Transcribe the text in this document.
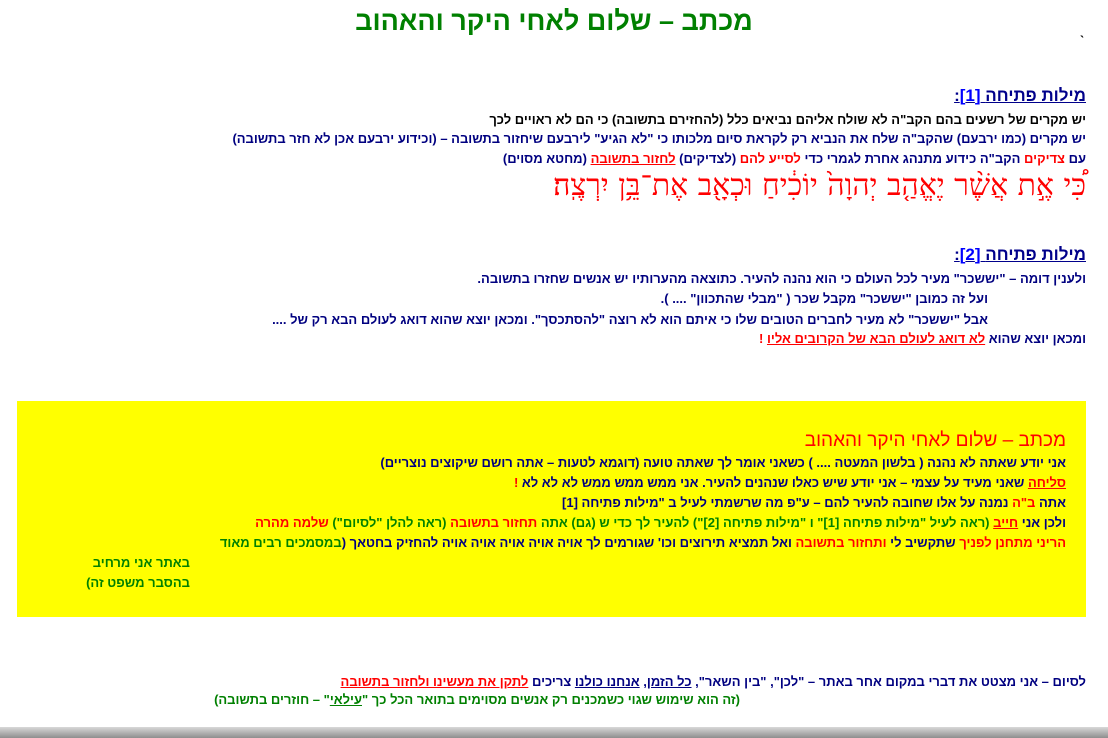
מכתב – שלום לאחי היקר והאהוב	ˎ
מילות פתיחה [1]:
יש מקרים של רשעים בהם הקב"ה לא שולח אליהם נביאים כלל (להחזירם בתשובה) כי הם לא ראויים לכך
יש מקרים (כמו ירבעם) שהקב"ה שלח את הנביא רק לקראת סיום מלכותו כי "לא הגיע" לירבעם שיחזור בתשובה – (וכידוע ירבעם אכן לא חזר בתשובה)
עם צדיקים הקב"ה כידוע מתנהג אחרת לגמרי כדי לסייע להם (לצדיקים) לחזור בתשובה (מחטא מסוים)
כִּ֠י אֶ֣ת אֲשֶׁ֨ר יֶאֱהַ֤ב יְהוָה֙ יוֹכִ֔יחַ וּכְאָ֖ב אֶת־בֵּ֥ן יִרְצֶֽה׃
מילות פתיחה [2]:
ולענין דומה – "יששכר" מעיר לכל העולם כי הוא נהנה להעיר. כתוצאה מהערותיו יש אנשים שחזרו בתשובה.
ועל זה כמובן "יששכר" מקבל שכר ( "מבלי שהתכוון" .... ).
אבל "יששכר" לא מעיר לחברים הטובים שלו כי איתם הוא לא רוצה "להסתכסך". ומכאן יוצא שהוא דואג לעולם הבא רק של ....
ומכאן יוצא שהוא לא דואג לעולם הבא של הקרובים אליו !
מכתב – שלום לאחי היקר והאהוב
אני יודע שאתה לא נהנה ( בלשון המעטה .... ) כשאני אומר לך שאתה טועה (דוגמא לטעות – אתה רושם שיקוצים נוצריים)
סליחה שאני מעיד על עצמי – אני יודע שיש כאלו שנהנים להעיר. אני ממש ממש ממש לא לא לא !
אתה ב"ה נמנה על אלו שחובה להעיר להם – ע"פ מה שרשמתי לעיל ב "מילות פתיחה [1]
ולכן אני חייב (ראה לעיל "מילות פתיחה [1]" ו "מילות פתיחה [2]") להעיר לך כדי ש (גם) אתה תחזור בתשובה (ראה להלן "לסיום") שלמה מהרה
הריני מתחנן לפניך שתקשיב לי ותחזור בתשובה ואל תמציא תירוצים וכו' שגורמים לך אויה אויה אויה אויה אויה להחזיק בחטאך (במסמכים רבים מאוד
באתר אני מרחיב
בהסבר משפט זה)
לסיום – אני מצטט את דברי במקום אחר באתר – "לכן", "בין השאר", כל הזמן, אנחנו כולנו צריכים לתקן את מעשינו ולחזור בתשובה
(זה הוא שימוש שגוי כשמכנים רק אנשים מסוימים בתואר הכל כך "עילאי" – חוזרים בתשובה)
